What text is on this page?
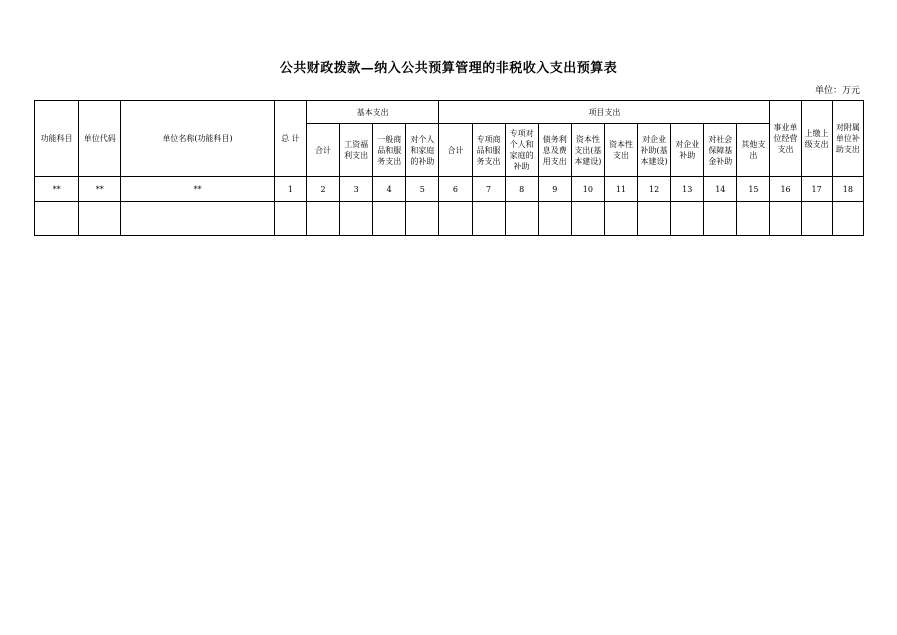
公共财政拨款—纳入公共预算管理的非税收入支出预算表
单位：万元
功能科目	单位代码	单位名称(功能科目)	总 计	基本支出				项目支出										事业单位经营支出	上缴上级支出	对附属单位补助支出
				合计	工资福利支出	一般商品和服务支出	对个人和家庭的补助	合计	专项商品和服务支出	专项对个人和家庭的补助	债务利息及费用支出	资本性支出(基本建设)	资本性支出	对企业补助(基本建设)	对企业补助	对社会保障基金补助	其他支出			
**	**	**	1	2	3	4	5	6	7	8	9	10	11	12	13	14	15	16	17	18
